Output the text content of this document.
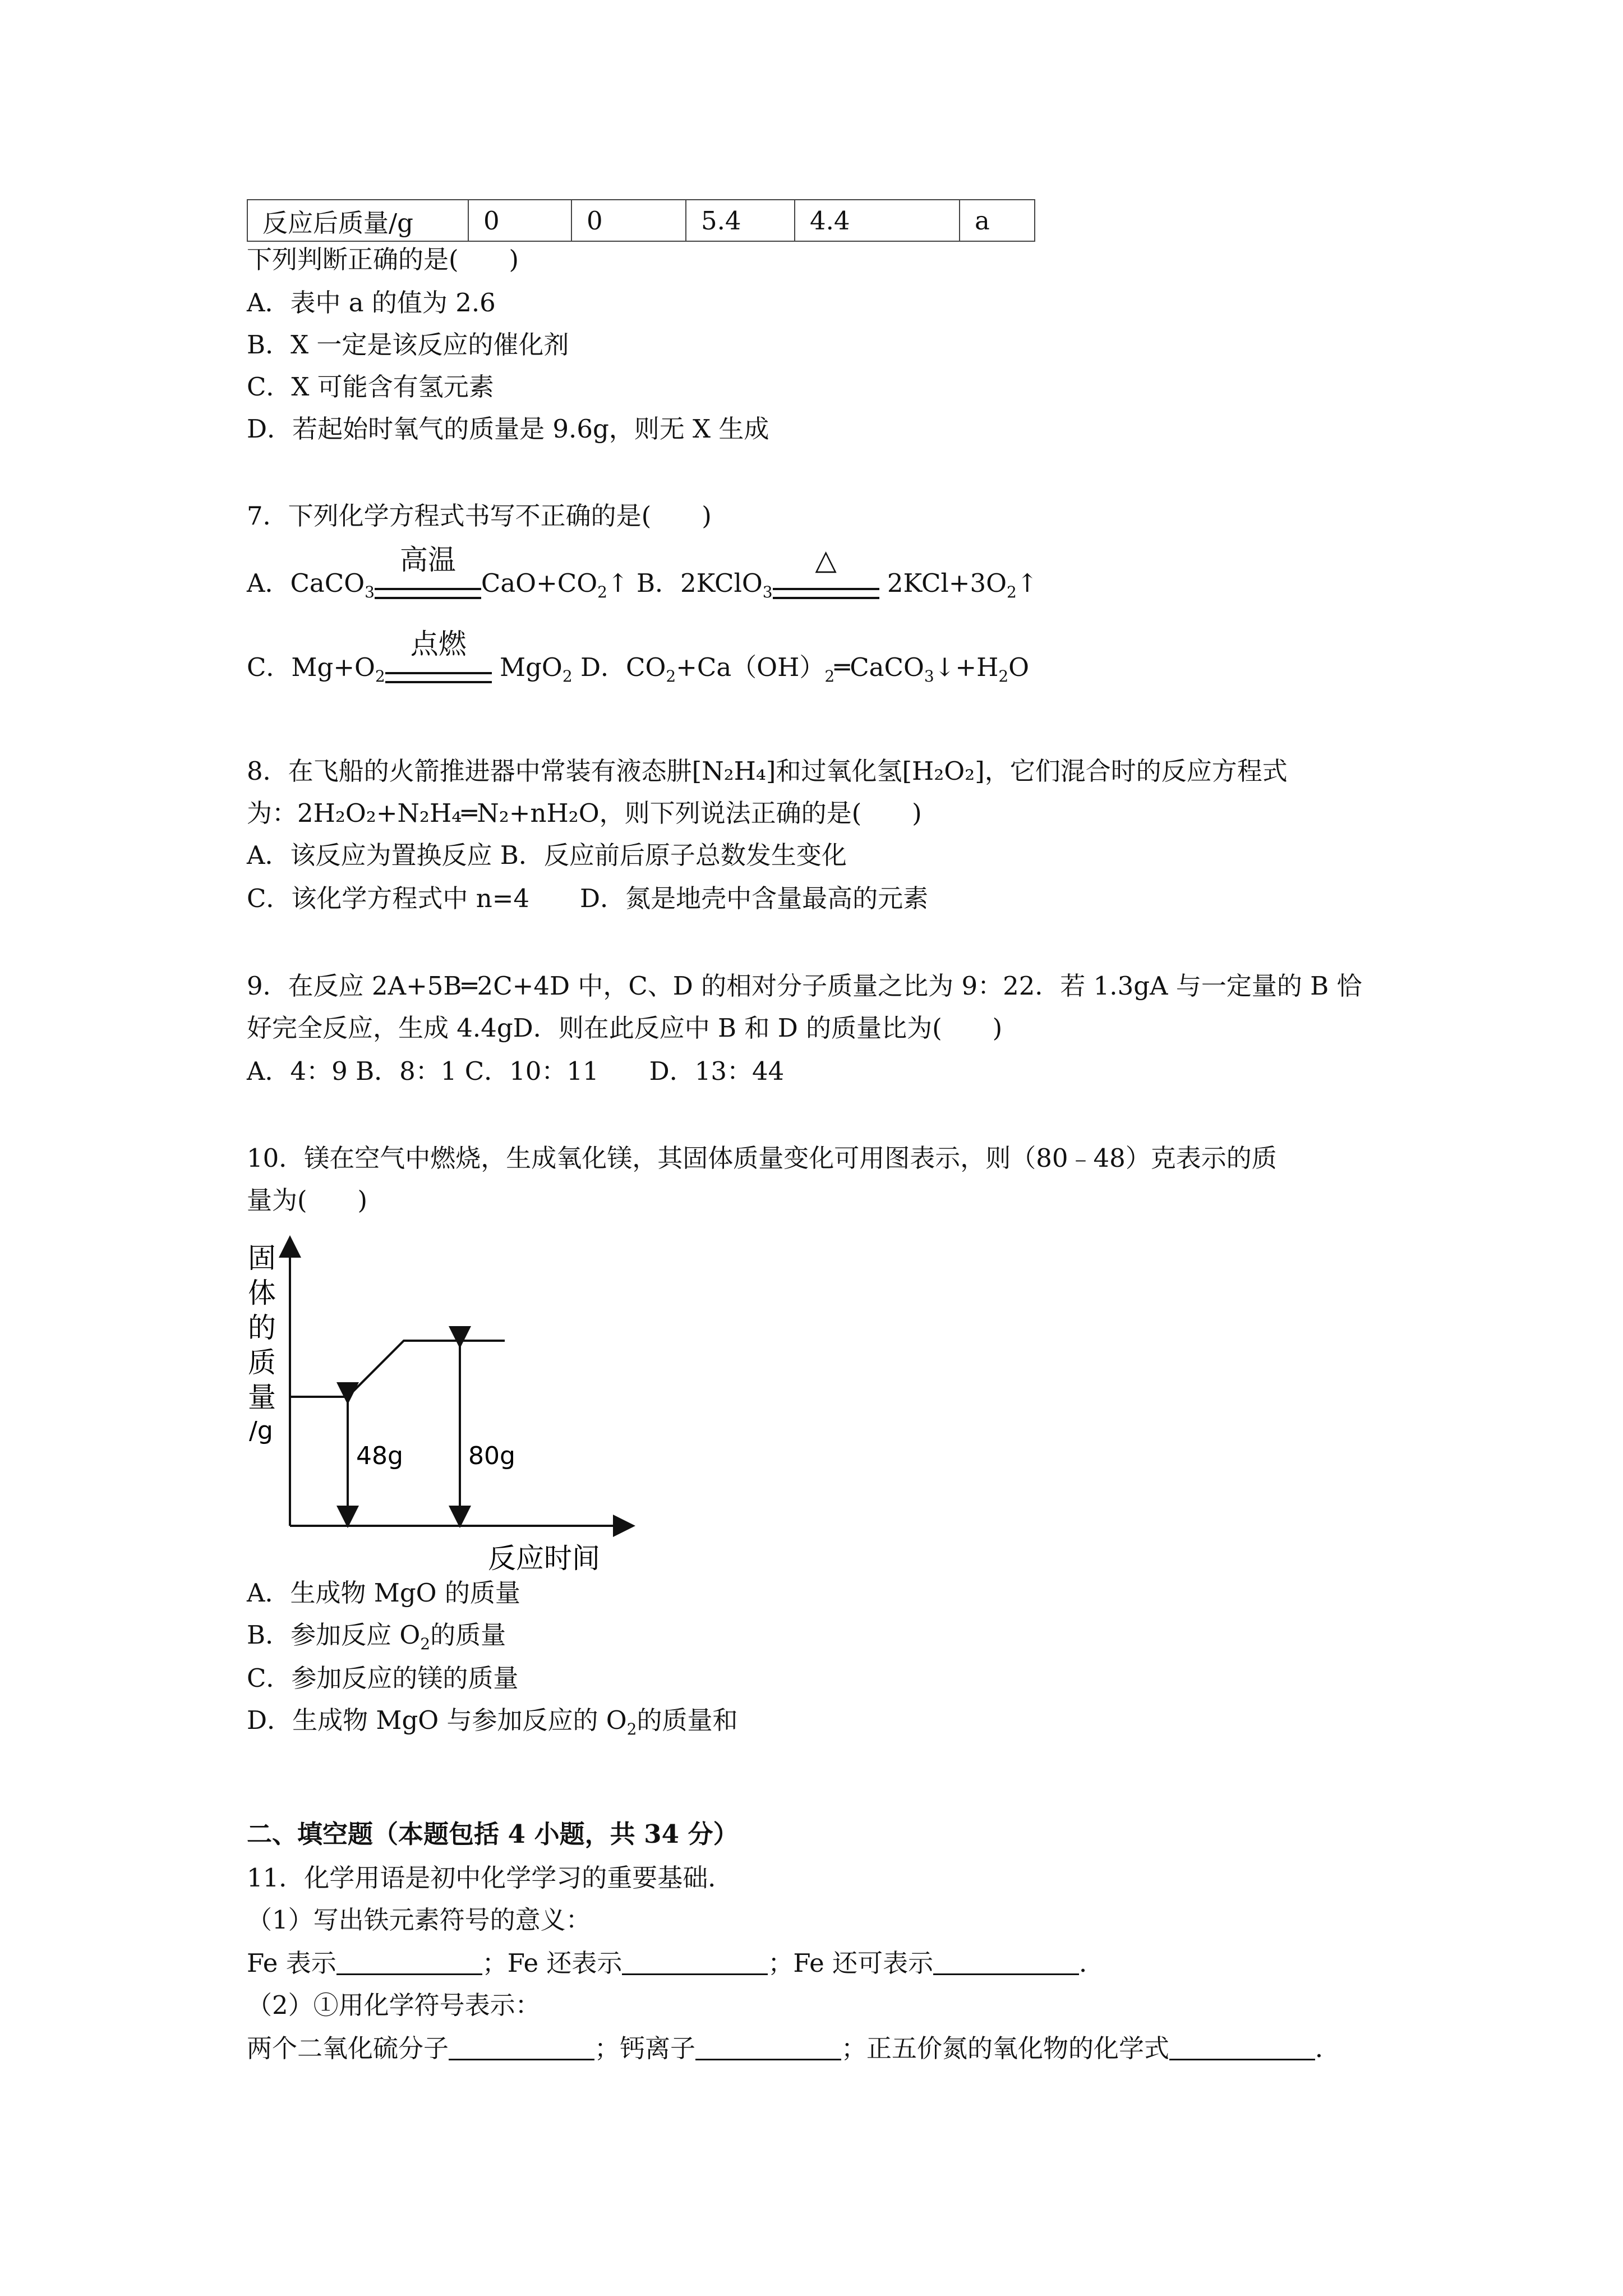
反应后质量/g	0	0	5.4	4.4	a
下列判断正确的是(　　)
A．表中 a 的值为 2.6
B．X 一定是该反应的催化剂
C．X 可能含有氢元素
D．若起始时氧气的质量是 9.6g，则无 X 生成
7．下列化学方程式书写不正确的是(　　)
A．CaCO$_3$
高温
$CaO+CO_2↑$ B．2KClO$_3$
△
$2KCl+3O_2↑$
C．$Mg+O_2$
点燃
MgO$_2$ D．$CO_2+Ca(OH)_2═CaCO_3↓+H_2O$
8．在飞船的火箭推进器中常装有液态肼[N₂H₄]和过氧化氢[H₂O₂]，它们混合时的反应方程式
为：2H₂O₂+N₂H₄═N₂+nH₂O，则下列说法正确的是(　　)
A．该反应为置换反应 B．反应前后原子总数发生变化
C．该化学方程式中 n=4　　D．氮是地壳中含量最高的元素
9．在反应 2A+5B═2C+4D 中，C、D 的相对分子质量之比为 9：22．若 1.3gA 与一定量的 B 恰
好完全反应，生成 4.4gD．则在此反应中 B 和 D 的质量比为(　　)
A．4：9 B．8：1 C．10：11　　D．13：44
10．镁在空气中燃烧，生成氧化镁，其固体质量变化可用图表示，则（80﹣48）克表示的质
量为(　　)
48g	80g
固
体
的
质
量
/g
反应时间
A．生成物 MgO 的质量
B．参加反应 $O_2$的质量
C．参加反应的镁的质量
D．生成物 MgO 与参加反应的 $O_2$的质量和
二、填空题（本题包括 4 小题，共 34 分）
11．化学用语是初中化学学习的重要基础．
（1）写出铁元素符号的意义：
Fe 表示	；Fe 还表示	；Fe 还可表示	．
（2）①用化学符号表示：
两个二氧化硫分子	；钙离子	；正五价氮的氧化物的化学式	．
